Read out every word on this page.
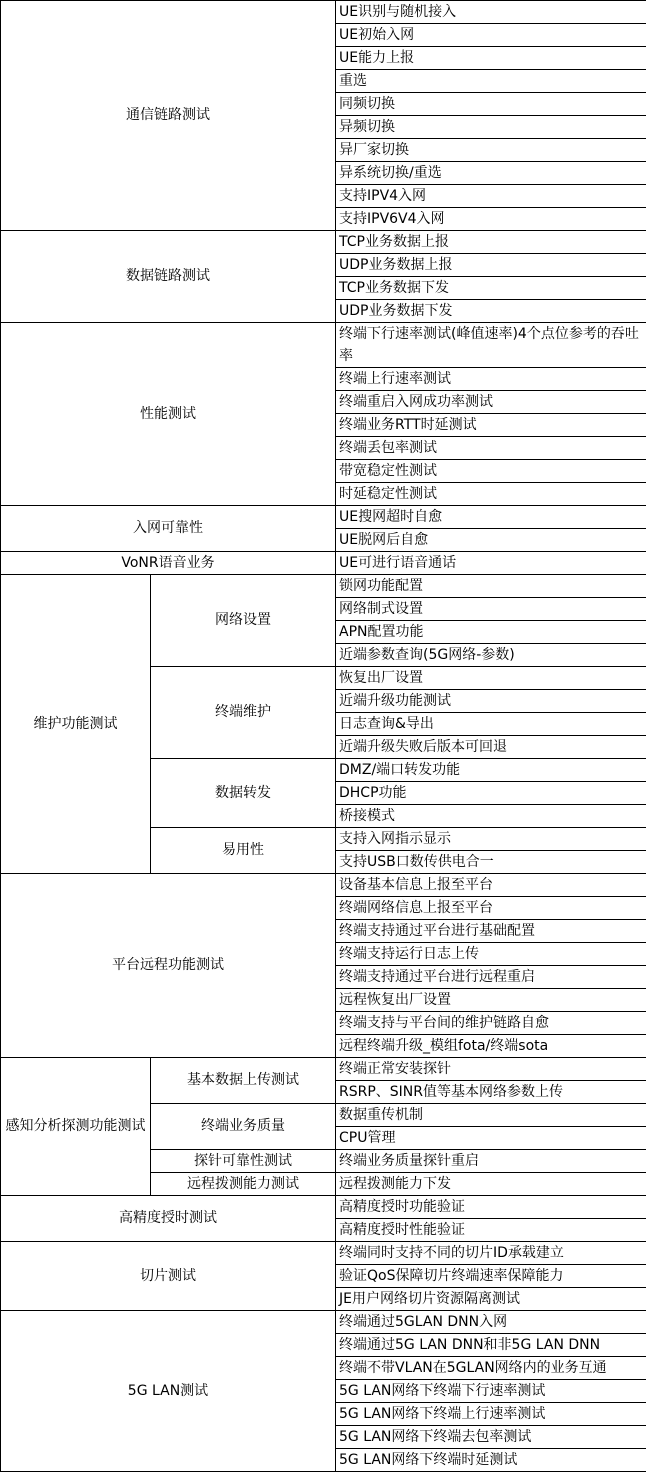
通信链路测试		UE识别与随机接入
		UE初始入网
		UE能力上报
		重选
		同频切换
		异频切换
		异厂家切换
		异系统切换/重选
		支持IPV4入网
		支持IPV6V4入网
数据链路测试		TCP业务数据上报
		UDP业务数据上报
		TCP业务数据下发
		UDP业务数据下发
性能测试		终端下行速率测试(峰值速率)4个点位参考的吞吐率
		终端上行速率测试
		终端重启入网成功率测试
		终端业务RTT时延测试
		终端丢包率测试
		带宽稳定性测试
		时延稳定性测试
入网可靠性		UE搜网超时自愈
		UE脱网后自愈
VoNR语音业务		UE可进行语音通话
维护功能测试	网络设置	锁网功能配置
		网络制式设置
		APN配置功能
		近端参数查询(5G网络-参数)
	终端维护	恢复出厂设置
		近端升级功能测试
		日志查询&导出
		近端升级失败后版本可回退
	数据转发	DMZ/端口转发功能
		DHCP功能
		桥接模式
	易用性	支持入网指示显示
		支持USB口数传供电合一
平台远程功能测试		设备基本信息上报至平台
		终端网络信息上报至平台
		终端支持通过平台进行基础配置
		终端支持运行日志上传
		终端支持通过平台进行远程重启
		远程恢复出厂设置
		终端支持与平台间的维护链路自愈
		远程终端升级_模组fota/终端sota
感知分析探测功能测试	基本数据上传测试	终端正常安装探针
		RSRP、SINR值等基本网络参数上传
	终端业务质量	数据重传机制
		CPU管理
	探针可靠性测试	终端业务质量探针重启
	远程拨测能力测试	远程拨测能力下发
高精度授时测试		高精度授时功能验证
		高精度授时性能验证
切片测试		终端同时支持不同的切片ID承载建立
		验证QoS保障切片终端速率保障能力
		JE用户网络切片资源隔离测试
5G LAN测试		终端通过5GLAN DNN入网
		终端通过5G LAN DNN和非5G LAN DNN
		终端不带VLAN在5GLAN网络内的业务互通
		5G LAN网络下终端下行速率测试
		5G LAN网络下终端上行速率测试
		5G LAN网络下终端去包率测试
		5G LAN网络下终端时延测试
